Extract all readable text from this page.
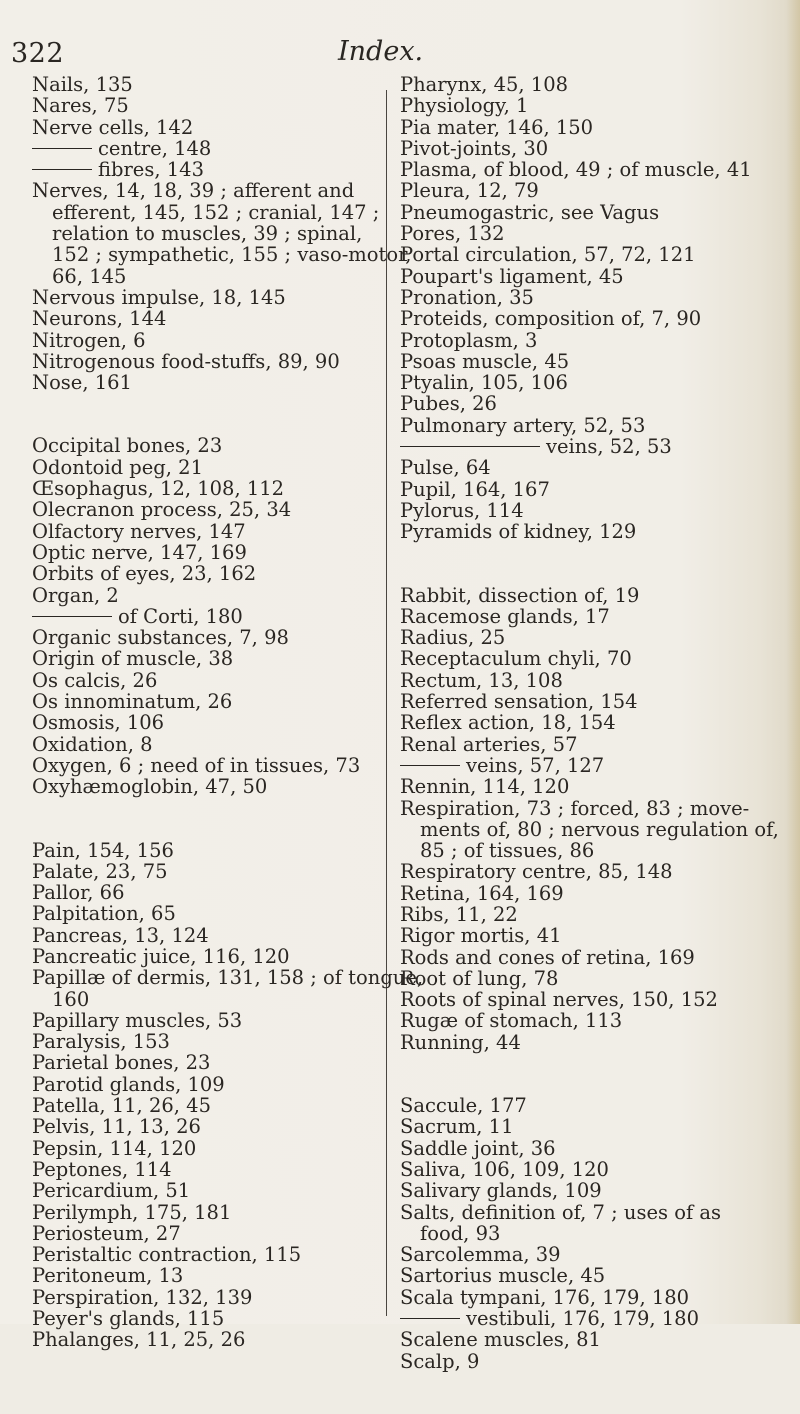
322	Index.
Nails, 135
Nares, 75
Nerve cells, 142
centre, 148
fibres, 143
Nerves, 14, 18, 39 ; afferent and
efferent, 145, 152 ; cranial, 147 ;
relation to muscles, 39 ; spinal,
152 ; sympathetic, 155 ; vaso-motor,
66, 145
Nervous impulse, 18, 145
Neurons, 144
Nitrogen, 6
Nitrogenous food-stuffs, 89, 90
Nose, 161
Occipital bones, 23
Odontoid peg, 21
Œsophagus, 12, 108, 112
Olecranon process, 25, 34
Olfactory nerves, 147
Optic nerve, 147, 169
Orbits of eyes, 23, 162
Organ, 2
of Corti, 180
Organic substances, 7, 98
Origin of muscle, 38
Os calcis, 26
Os innominatum, 26
Osmosis, 106
Oxidation, 8
Oxygen, 6 ; need of in tissues, 73
Oxyhæmoglobin, 47, 50
Pain, 154, 156
Palate, 23, 75
Pallor, 66
Palpitation, 65
Pancreas, 13, 124
Pancreatic juice, 116, 120
Papillæ of dermis, 131, 158 ; of tongue,
160
Papillary muscles, 53
Paralysis, 153
Parietal bones, 23
Parotid glands, 109
Patella, 11, 26, 45
Pelvis, 11, 13, 26
Pepsin, 114, 120
Peptones, 114
Pericardium, 51
Perilymph, 175, 181
Periosteum, 27
Peristaltic contraction, 115
Peritoneum, 13
Perspiration, 132, 139
Peyer's glands, 115
Phalanges, 11, 25, 26
Pharynx, 45, 108
Physiology, 1
Pia mater, 146, 150
Pivot-joints, 30
Plasma, of blood, 49 ; of muscle, 41
Pleura, 12, 79
Pneumogastric, see Vagus
Pores, 132
Portal circulation, 57, 72, 121
Poupart's ligament, 45
Pronation, 35
Proteids, composition of, 7, 90
Protoplasm, 3
Psoas muscle, 45
Ptyalin, 105, 106
Pubes, 26
Pulmonary artery, 52, 53
veins, 52, 53
Pulse, 64
Pupil, 164, 167
Pylorus, 114
Pyramids of kidney, 129
Rabbit, dissection of, 19
Racemose glands, 17
Radius, 25
Receptaculum chyli, 70
Rectum, 13, 108
Referred sensation, 154
Reflex action, 18, 154
Renal arteries, 57
veins, 57, 127
Rennin, 114, 120
Respiration, 73 ; forced, 83 ; move-
ments of, 80 ; nervous regulation of,
85 ; of tissues, 86
Respiratory centre, 85, 148
Retina, 164, 169
Ribs, 11, 22
Rigor mortis, 41
Rods and cones of retina, 169
Root of lung, 78
Roots of spinal nerves, 150, 152
Rugæ of stomach, 113
Running, 44
Saccule, 177
Sacrum, 11
Saddle joint, 36
Saliva, 106, 109, 120
Salivary glands, 109
Salts, definition of, 7 ; uses of as
food, 93
Sarcolemma, 39
Sartorius muscle, 45
Scala tympani, 176, 179, 180
vestibuli, 176, 179, 180
Scalene muscles, 81
Scalp, 9
